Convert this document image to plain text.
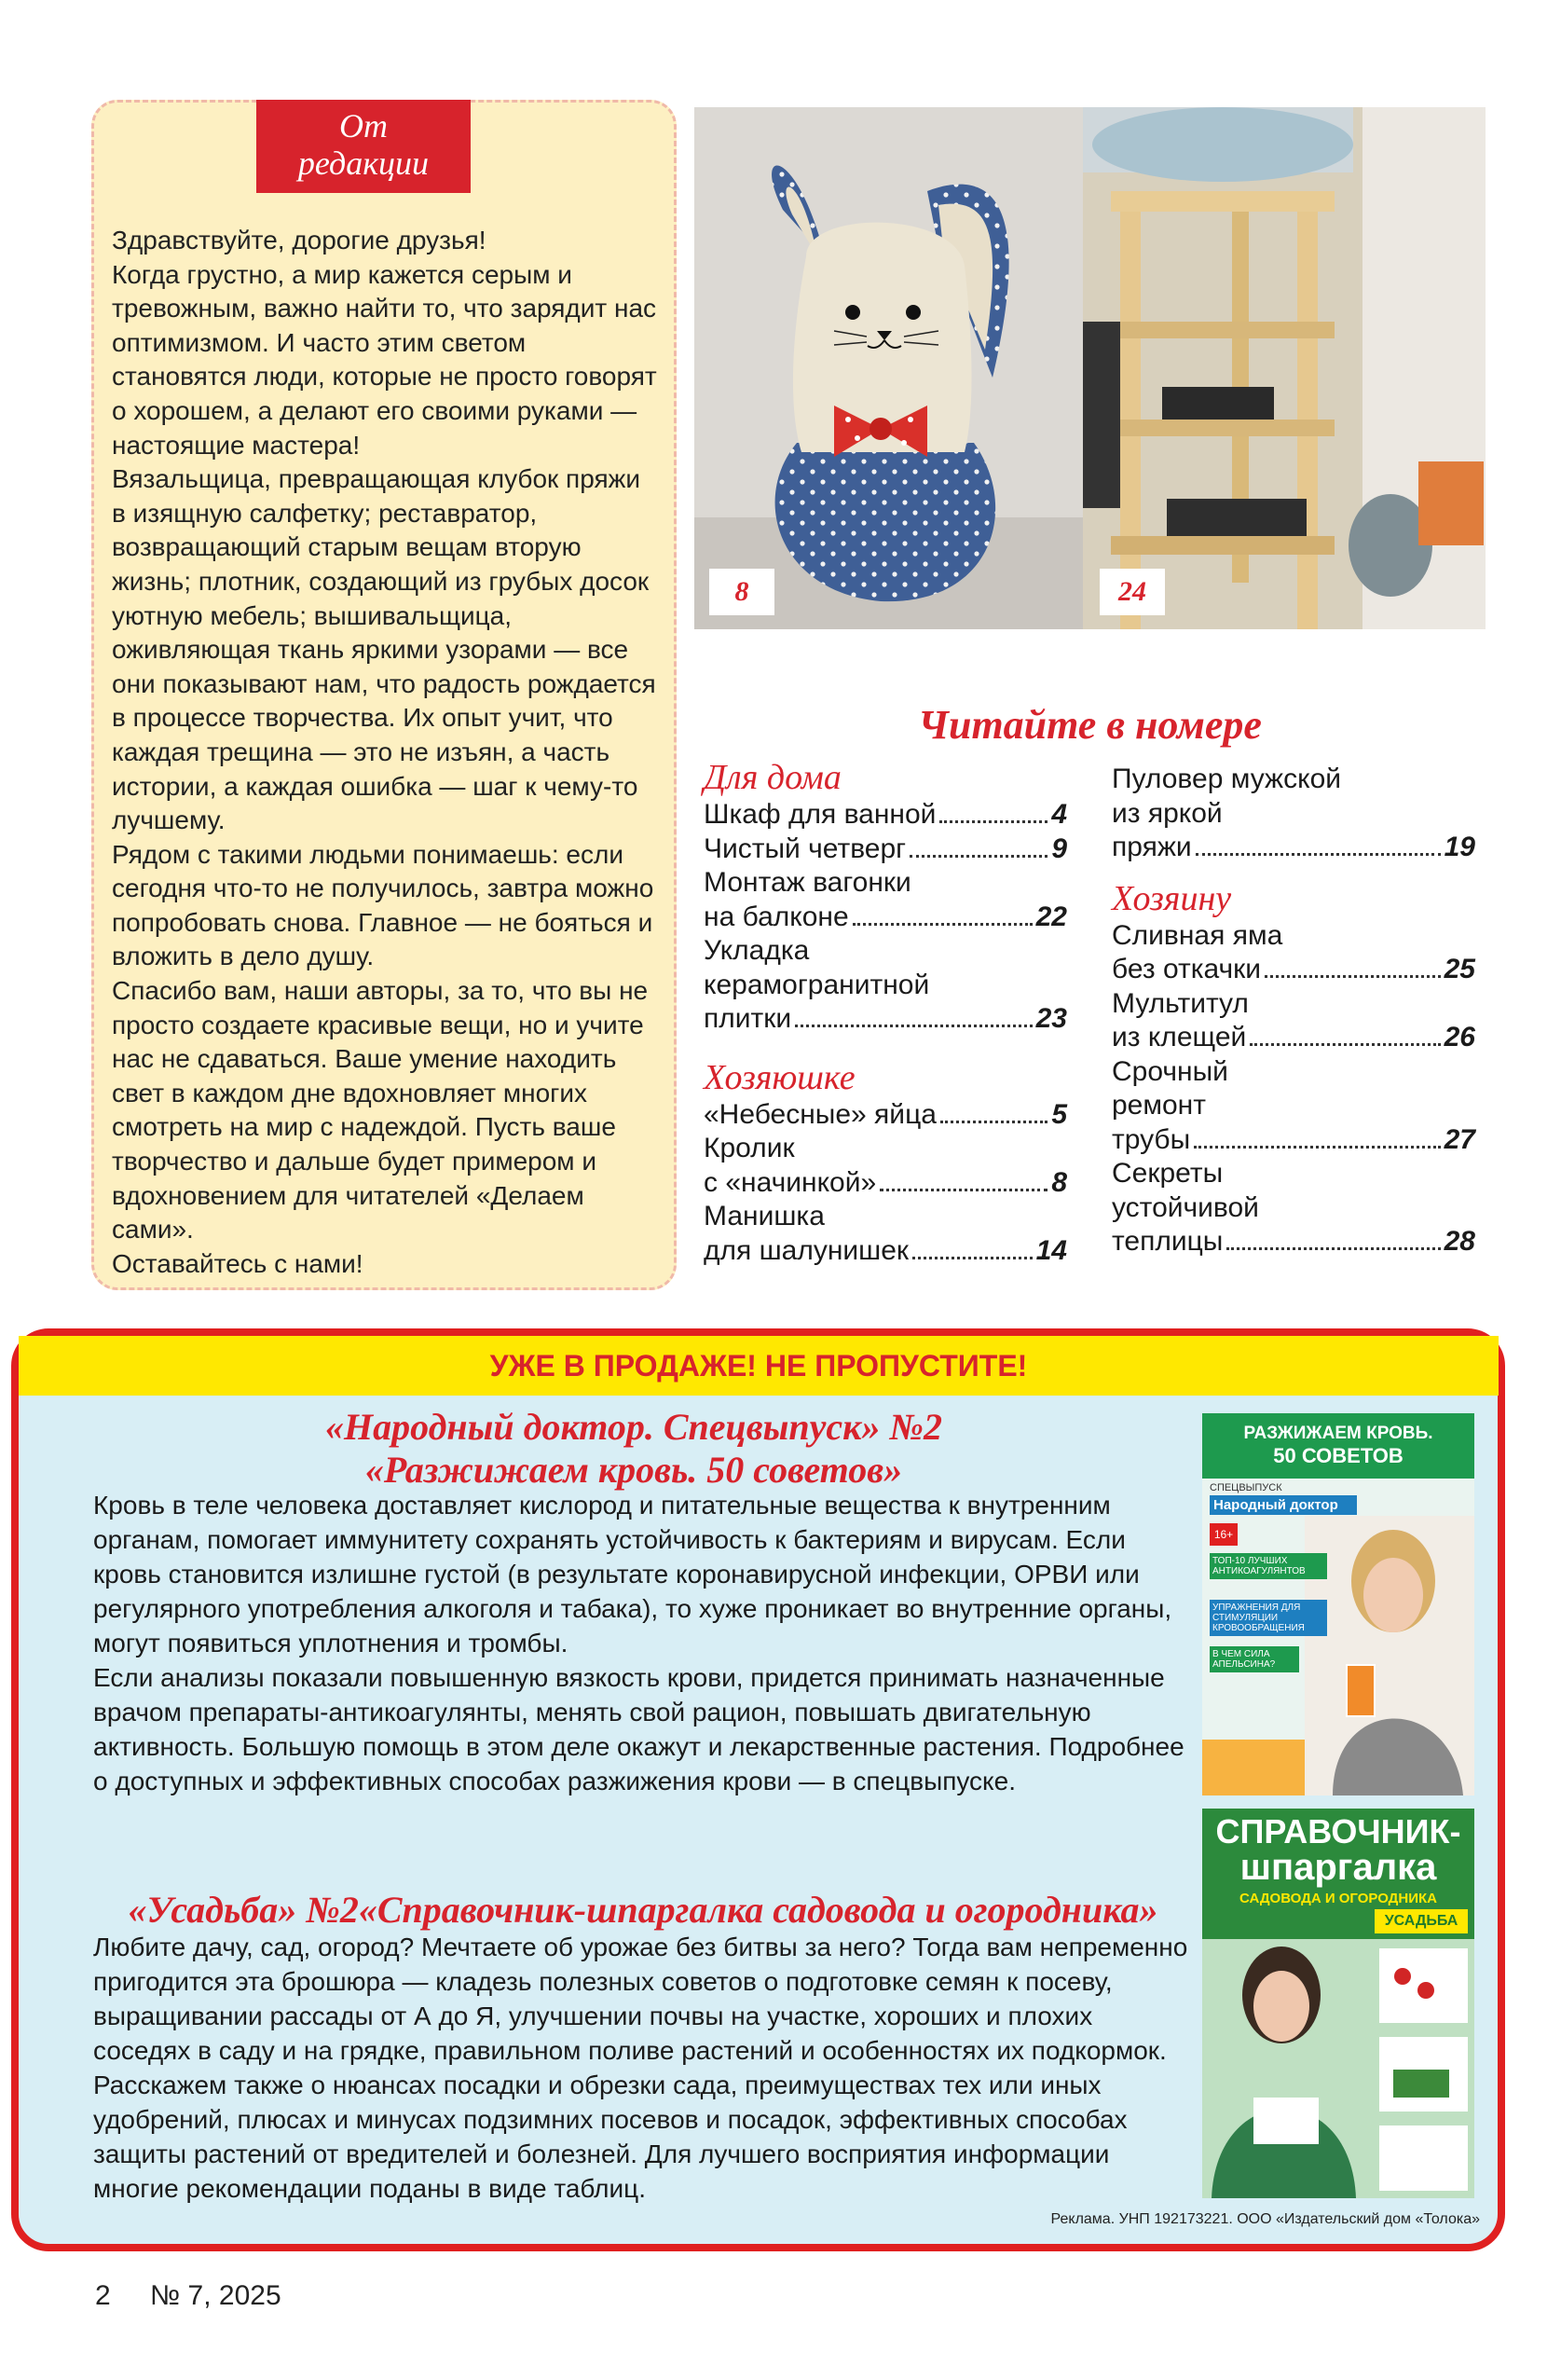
От
редакции

Здравствуйте, дорогие друзья!

Когда грустно, а мир кажется серым и тревожным, важно найти то, что зарядит нас оптимизмом. И часто этим светом становятся люди, которые не просто говорят о хорошем, а делают его своими руками — настоящие мастера!

Вязальщица, превращающая клубок пряжи в изящную салфетку; реставратор, возвращающий старым вещам вторую жизнь; плотник, создающий из грубых досок уютную мебель; вышивальщица, оживляющая ткань яркими узорами — все они показывают нам, что радость рождается в процессе творчества. Их опыт учит, что каждая трещина — это не изъян, а часть истории, а каждая ошибка — шаг к чему-то лучшему.

Рядом с такими людьми понимаешь: если сегодня что-то не получилось, завтра можно попробовать снова. Главное — не бояться и вложить в дело душу.

Спасибо вам, наши авторы, за то, что вы не просто создаете красивые вещи, но и учите нас не сдаваться. Ваше умение находить свет в каждом дне вдохновляет многих смотреть на мир с надеждой. Пусть ваше творчество и дальше будет примером и вдохновением для читателей «Делаем сами».

Оставайтесь с нами!

8	24
Читайте в номере
Для дома
Шкаф для ванной	4
Чистый четверг	9
Монтаж вагонки
на балконе	22
Укладка
керамогранитной
плитки	23
Хозяюшке
«Небесные» яйца	5
Кролик
с «начинкой»	8
Манишка
для шалунишек	14
Пуловер мужской
из яркой
пряжи	19
Хозяину
Сливная яма
без откачки	25
Мультитул
из клещей	26
Срочный
ремонт
трубы	27
Секреты
устойчивой
теплицы	28
УЖЕ В ПРОДАЖЕ! НЕ ПРОПУСТИТЕ!
«Народный доктор. Спецвыпуск» №2
«Разжижаем кровь. 50 советов»
Кровь в теле человека доставляет кислород и питательные вещества к внутренним органам, помогает иммунитету сохранять устойчивость к бактериям и вирусам. Если кровь становится излишне густой (в результате коронавирусной инфекции, ОРВИ или регулярного употребления алкоголя и табака), то хуже проникает во внутренние органы, могут появиться уплотнения и тромбы.
Если анализы показали повышенную вязкость крови, придется принимать назначенные врачом препараты-антикоагулянты, менять свой рацион, повышать двигательную активность. Большую помощь в этом деле окажут и лекарственные растения. Подробнее о доступных и эффективных способах разжижения крови — в спецвыпуске.
«Усадьба» №2«Справочник-шпаргалка садовода и огородника»
Любите дачу, сад, огород? Мечтаете об урожае без битвы за него? Тогда вам непременно пригодится эта брошюра — кладезь полезных советов о подготовке семян к посеву, выращивании рассады от А до Я, улучшении почвы на участке, хороших и плохих соседях в саду и на грядке, правильном поливе растений и особенностях их подкормок. Расскажем также о нюансах посадки и обрезки сада, преимуществах тех или иных удобрений, плюсах и минусах подзимних посевов и посадок, эффективных способах защиты растений от вредителей и болезней. Для лучшего восприятия информации многие рекомендации поданы в виде таблиц.
РАЗЖИЖАЕМ КРОВЬ.
50 СОВЕТОВ
СПЕЦВЫПУСК
Народный доктор
16+
ТОП-10 ЛУЧШИХ АНТИКОАГУЛЯНТОВ
УПРАЖНЕНИЯ ДЛЯ СТИМУЛЯЦИИ КРОВООБРАЩЕНИЯ
В ЧЕМ СИЛА АПЕЛЬСИНА?
СПРАВОЧНИК-
шпаргалка
САДОВОДА И ОГОРОДНИКА
УСАДЬБА
Реклама. УНП 192173221. ООО «Издательский дом «Толока»
2 № 7, 2025
